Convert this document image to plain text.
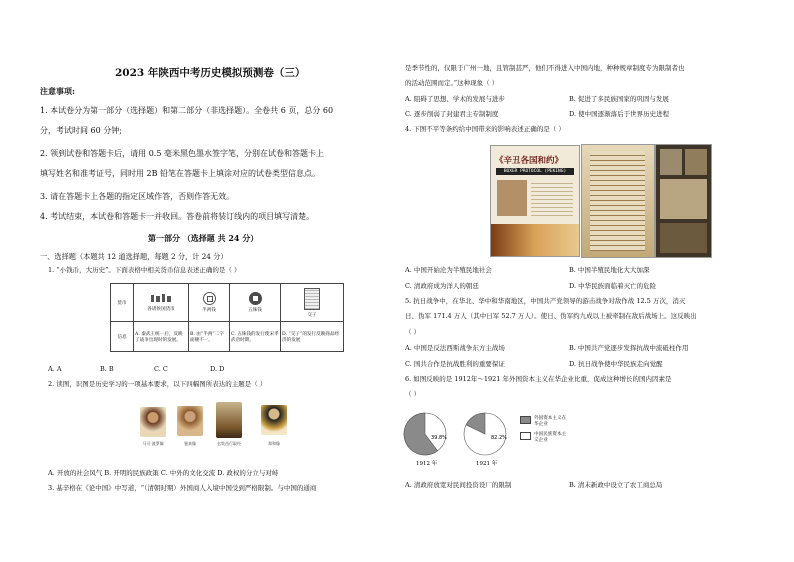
2023 年陕西中考历史模拟预测卷（三）
注意事项:
1. 本试卷分为第一部分（选择题）和第二部分（非选择题）。全卷共 6 页，总分 60
分，考试时间 60 分钟;
2. 领到试卷和答题卡后，请用 0.5 毫米黑色墨水签字笔，分别在试卷和答题卡上
填写姓名和准考证号，同时用 2B 铅笔在答题卡上填涂对应的试卷类型信息点。
3. 请在答题卡上各题的指定区域作答，否则作答无效。
4. 考试结束，本试卷和答题卡一并收回。答卷前将装订线内的项目填写清楚。
第一部分 （选择题 共 24 分）
一、选择题（本题共 12 道选择题，每题 2 分，计 24 分）
1. “小钱币，大历史”。下面表格中相关货币信息表述正确的是（ ）
货币	各诸侯国货币	半两钱	五铢钱	交子
信息	A. 秦武王统一后，反映了战争出现时的发展。	B. 由“半两”二字面额不一。	C. 五铢钱的发行使宋孝武帝时期。	D. “交子”的发行反映商品经济的发展
A. A	B. B	C. C	D. D
2. 读图，识图是历史学习的一项基本要求，以下四幅图所表达的主题是（ ）
马可·波罗像	鉴真像	玄奘西行取经	郑和像
A. 开放的社会风气 B. 开明的民族政策 C. 中外的文化交流 D. 政权的分立与对峙
3. 基辛格在《论中国》中写道，“（清朝时期）外国商人入境中国受到严格限制。与中国的通商
是季节性的，仅限于广州一地，且管制甚严，他们不得进入中国内地，种种规章制度专为限制者也
的活动范围而定。”这种现象（ ）
A. 阻碍了思想、学术的发展与进步	B. 促进了多民族国家的巩固与发展
C. 逐步削弱了封建君主专制制度	D. 使中国逐渐落后于世界历史进程
4. 下图不平等条约给中国带来的影响表述正确的是（ ）
《辛丑各国和约》
BOXER PROTOCOL (PEKING)
A. 中国开始沦为半殖民地社会	B. 中国半殖民地化大大加深
C. 清政府成为洋人的朝廷	D. 中华民族面临着灭亡的危险
5. 抗日战争中，在华北、华中和华南地区，中国共产党领导的游击战争对敌作战 12.5 万次，消灭
日、伪军 171.4 万人（其中日军 52.7 万人）。使日、伪军约九成以上被牵制在敌后战场上。这反映出
（ ）
A. 中国是反法西斯战争东方主战场	B. 中国共产党逐步发挥抗战中流砥柱作用
C. 国共合作是抗战胜利的重要保证	D. 抗日战争使中华民族走向觉醒
6. 如图反映的是 1912年～1921 年外国资本主义在华企业比重，促成这种增长的国内因素是
（ ）
39.8%
1912 年
82.2%
1921 年
外国资本主义在华企业
中国民族资本主义企业
A. 清政府放宽对民间投资设厂的限制	B. 清末新政中设立了农工商总局
